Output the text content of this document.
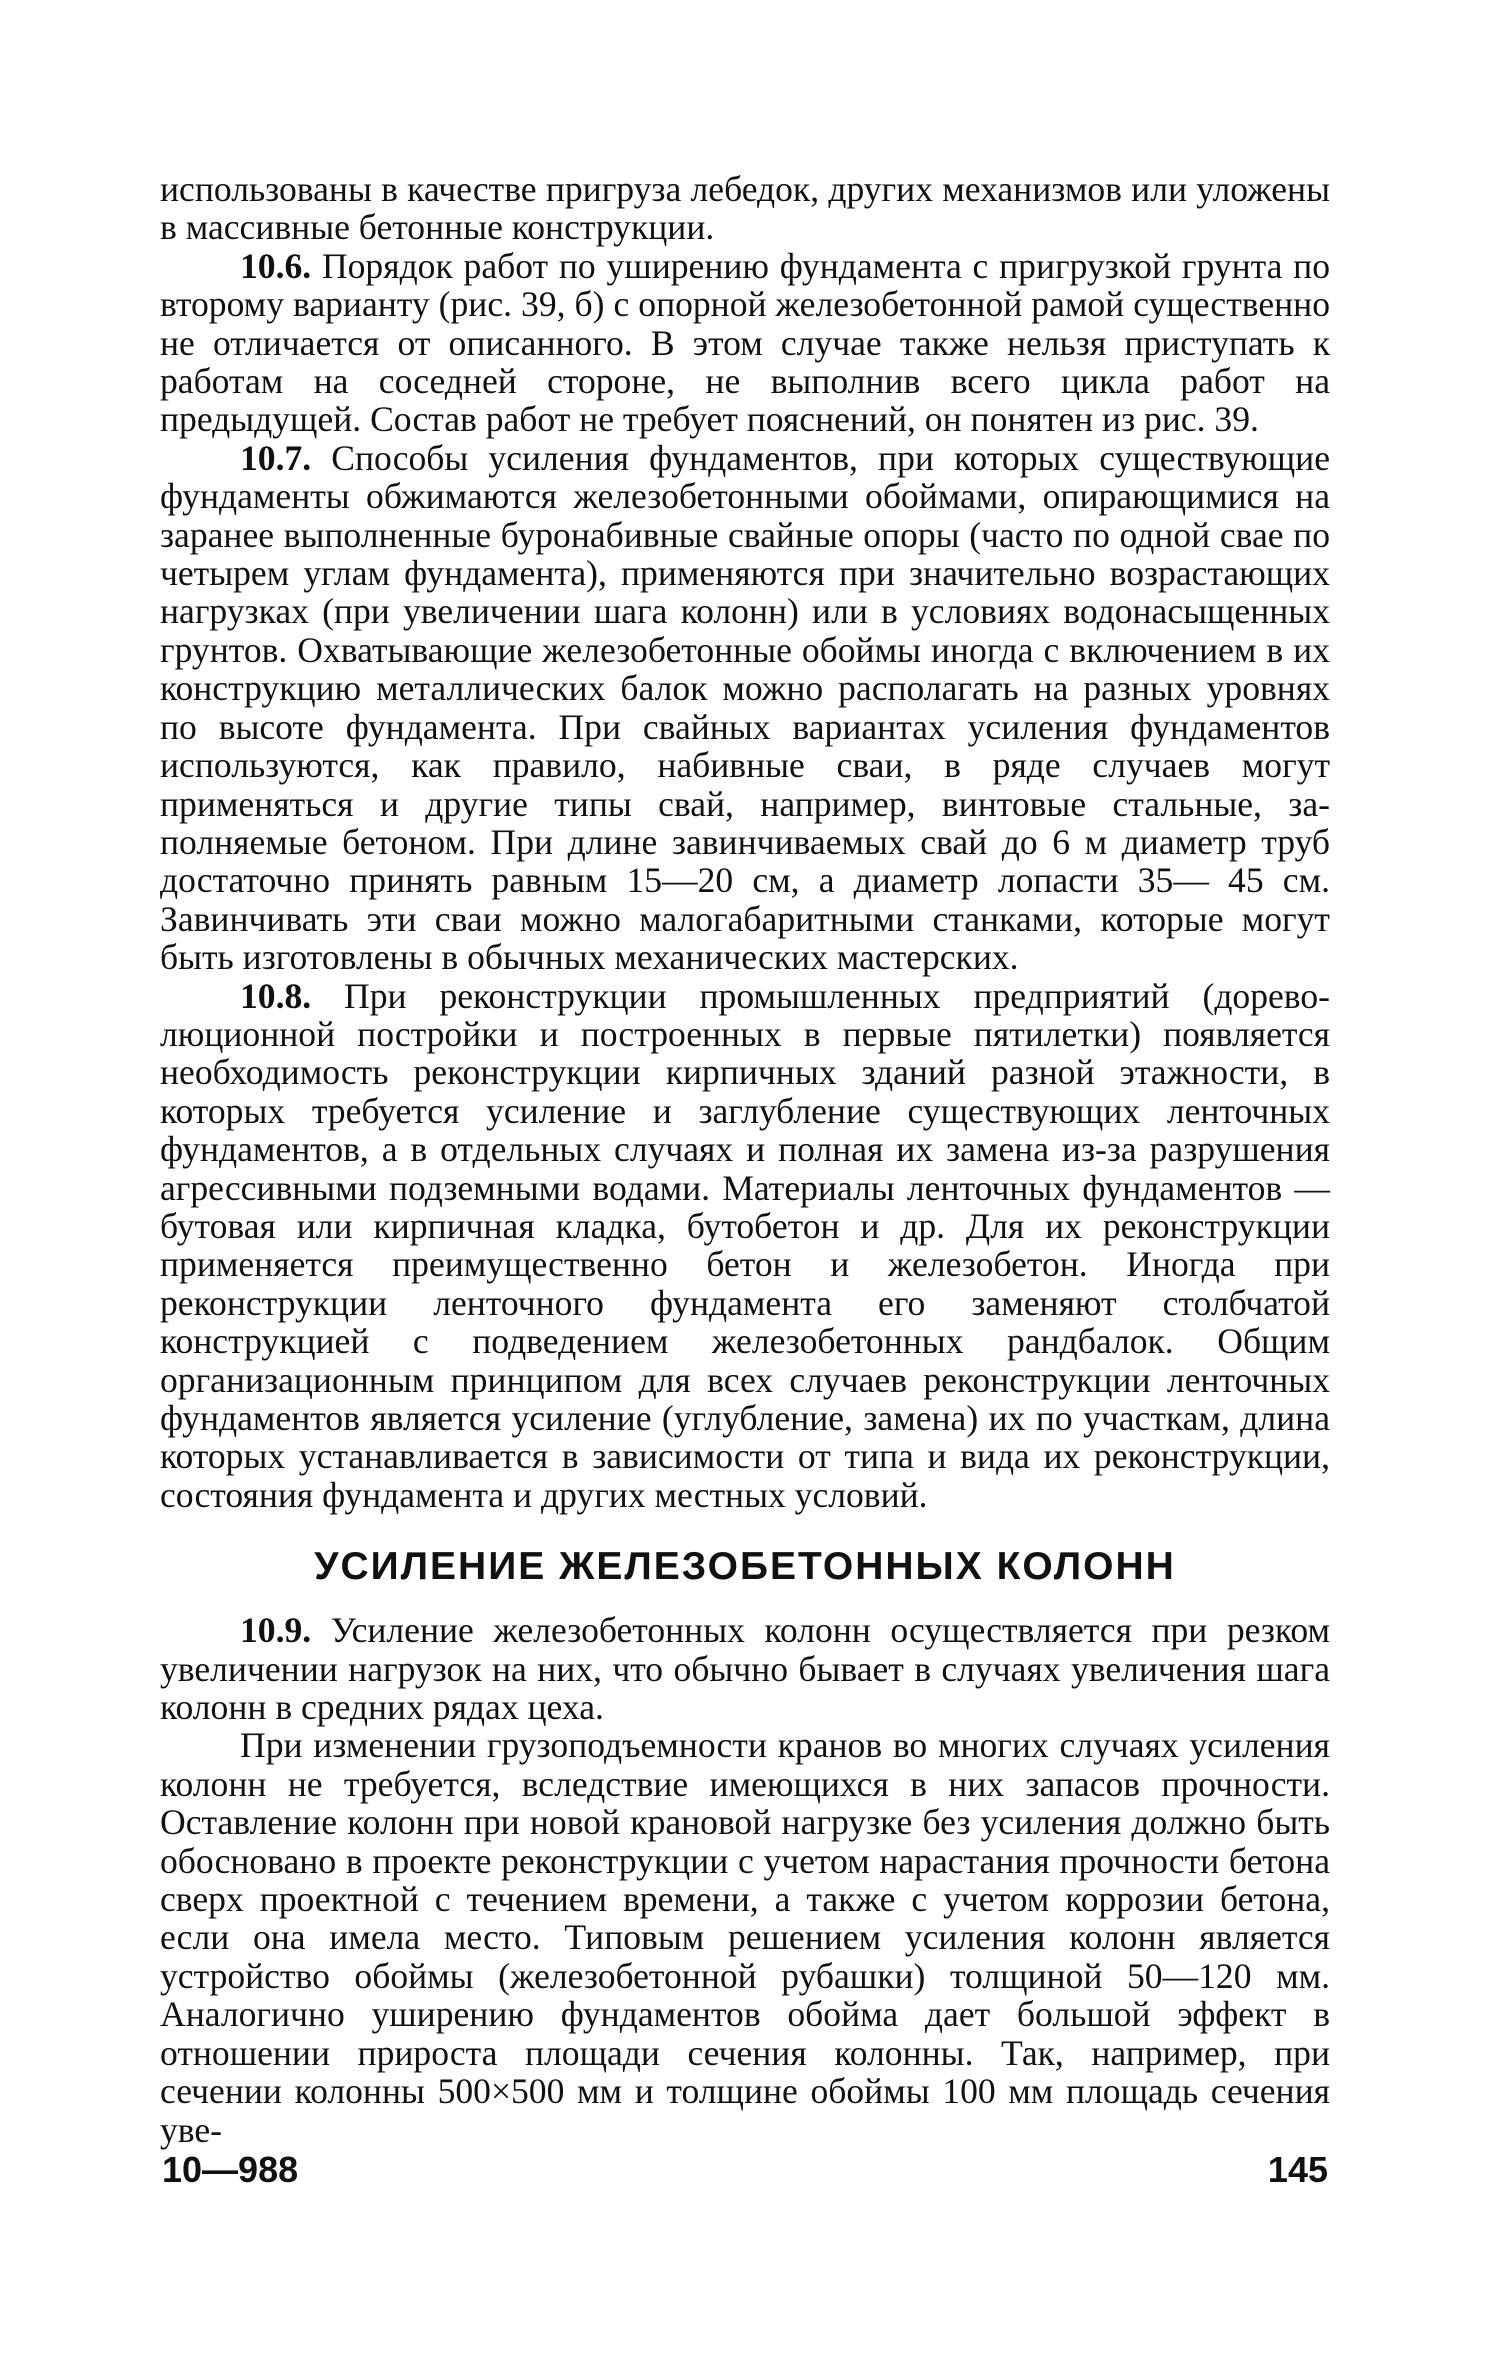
использованы в качестве пригруза лебедок, других механизмов или уложены в массивные бетонные конструкции.

10.6. Порядок работ по уширению фундамента с пригрузкой грунта по второму варианту (рис. 39, б) с опорной железобетонной рамой существенно не отличается от описанного. В этом случае также нельзя приступать к работам на соседней стороне, не выполнив всего цикла работ на предыдущей. Состав работ не требует пояснений, он понятен из рис. 39.

10.7. Способы усиления фундаментов, при которых существующие фундаменты обжимаются железобетонными обоймами, опирающимися на заранее выполненные буронабивные свайные опоры (часто по одной свае по четырем углам фундамента), применяются при значительно возрастающих нагрузках (при увеличении шага колонн) или в условиях водонасыщенных грунтов. Охватывающие железобетонные обоймы иногда с включением в их конструкцию металлических балок можно располагать на разных уровнях по высоте фундамента. При свайных вариантах усиления фундаментов используются, как правило, набивные сваи, в ряде случаев могут применяться и другие типы свай, например, винтовые стальные, заполняемые бетоном. При длине завинчиваемых свай до 6 м диаметр труб достаточно принять равным 15—20 см, а диаметр лопасти 35— 45 см. Завинчивать эти сваи можно малогабаритными станками, которые могут быть изготовлены в обычных механических мастерских.

10.8. При реконструкции промышленных предприятий (дореволюционной постройки и построенных в первые пятилетки) появляется необходимость реконструкции кирпичных зданий разной этажности, в которых требуется усиление и заглубление существующих ленточных фундаментов, а в отдельных случаях и полная их замена из-за разрушения агрессивными подземными водами. Материалы ленточных фундаментов — бутовая или кирпичная кладка, бутобетон и др. Для их реконструкции применяется преимущественно бетон и железобетон. Иногда при реконструкции ленточного фундамента его заменяют столбчатой конструкцией с подведением железобетонных рандбалок. Общим организационным принципом для всех случаев реконструкции ленточных фундаментов является усиление (углубление, замена) их по участкам, длина которых устанавливается в зависимости от типа и вида их реконструкции, состояния фундамента и других местных условий.

УСИЛЕНИЕ ЖЕЛЕЗОБЕТОННЫХ КОЛОНН

10.9. Усиление железобетонных колонн осуществляется при резком увеличении нагрузок на них, что обычно бывает в случаях увеличения шага колонн в средних рядах цеха.

При изменении грузоподъемности кранов во многих случаях усиления колонн не требуется, вследствие имеющихся в них запасов прочности. Оставление колонн при новой крановой нагрузке без усиления должно быть обосновано в проекте реконструкции с учетом нарастания прочности бетона сверх проектной с течением времени, а также с учетом коррозии бетона, если она имела место. Типовым решением усиления колонн является устройство обоймы (железобетонной рубашки) толщиной 50—120 мм. Аналогично уширению фундаментов обойма дает большой эффект в отношении прироста площади сечения колонны. Так, например, при сечении колонны 500×500 мм и толщине обоймы 100 мм площадь сечения уве-

10—988	145
